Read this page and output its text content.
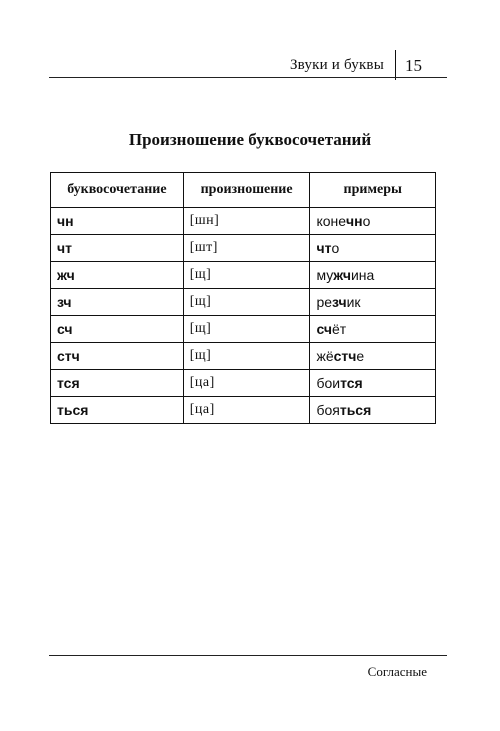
Звуки и буквы 15
Произношение буквосочетаний
буквосочетание	произношение	примеры
чн	[шн]	конечно
чт	[шт]	что
жч	[щ]	мужчина
зч	[щ]	резчик
сч	[щ]	счёт
стч	[щ]	жёстче
тся	[ца]	боится
ться	[ца]	бояться
Согласные
